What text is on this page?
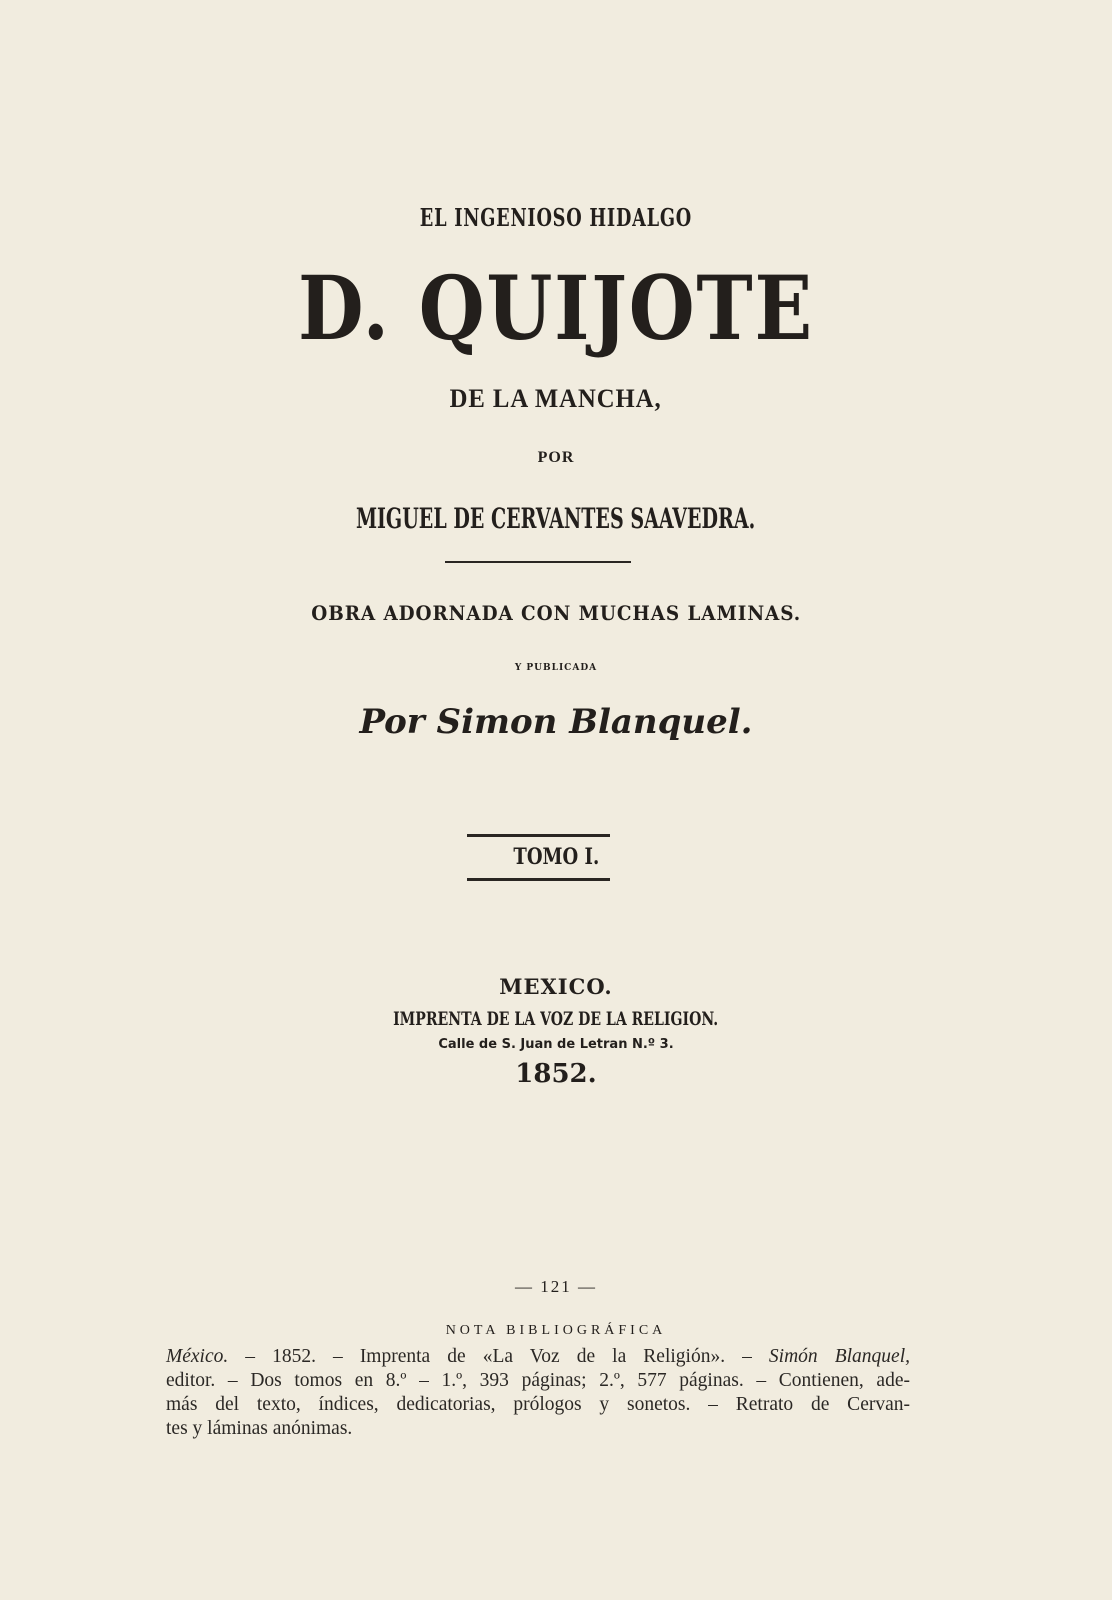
EL INGENIOSO HIDALGO
D. QUIJOTE
DE LA MANCHA,
POR
MIGUEL DE CERVANTES SAAVEDRA.
OBRA ADORNADA CON MUCHAS LAMINAS.
Y PUBLICADA
Por Simon Blanquel.
TOMO I.
MEXICO.
IMPRENTA DE LA VOZ DE LA RELIGION.
Calle de S. Juan de Letran N.º 3.
1852.
— 121 —
NOTA BIBLIOGRÁFICA
México. – 1852. – Imprenta de «La Voz de la Religión». – Simón Blanquel,
editor. – Dos tomos en 8.º – 1.º, 393 páginas; 2.º, 577 páginas. – Contienen, ade-
más del texto, índices, dedicatorias, prólogos y sonetos. – Retrato de Cervan-
tes y láminas anónimas.
